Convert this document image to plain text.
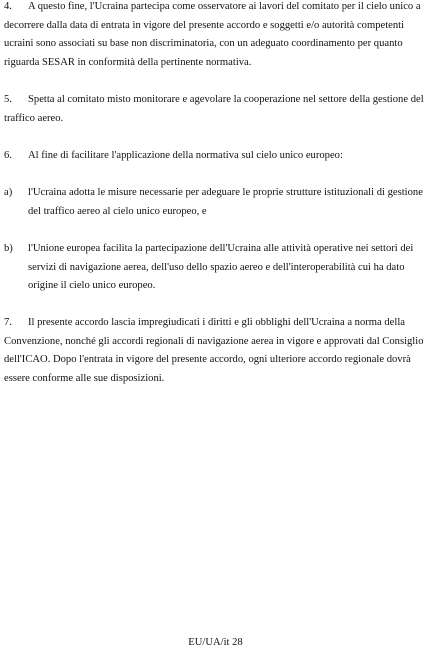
4. A questo fine, l'Ucraina partecipa come osservatore ai lavori del comitato per il cielo unico a decorrere dalla data di entrata in vigore del presente accordo e soggetti e/o autorità competenti ucraini sono associati su base non discriminatoria, con un adeguato coordinamento per quanto riguarda SESAR in conformità della pertinente normativa.

5. Spetta al comitato misto monitorare e agevolare la cooperazione nel settore della gestione del traffico aereo.

6. Al fine di facilitare l'applicazione della normativa sul cielo unico europeo:

a)	l'Ucraina adotta le misure necessarie per adeguare le proprie strutture istituzionali di gestione del traffico aereo al cielo unico europeo, e
b)	l'Unione europea facilita la partecipazione dell'Ucraina alle attività operative nei settori dei servizi di navigazione aerea, dell'uso dello spazio aereo e dell'interoperabilità cui ha dato origine il cielo unico europeo.

7. Il presente accordo lascia impregiudicati i diritti e gli obblighi dell'Ucraina a norma della Convenzione, nonché gli accordi regionali di navigazione aerea in vigore e approvati dal Consiglio dell'ICAO. Dopo l'entrata in vigore del presente accordo, ogni ulteriore accordo regionale dovrà essere conforme alle sue disposizioni.

EU/UA/it 28
